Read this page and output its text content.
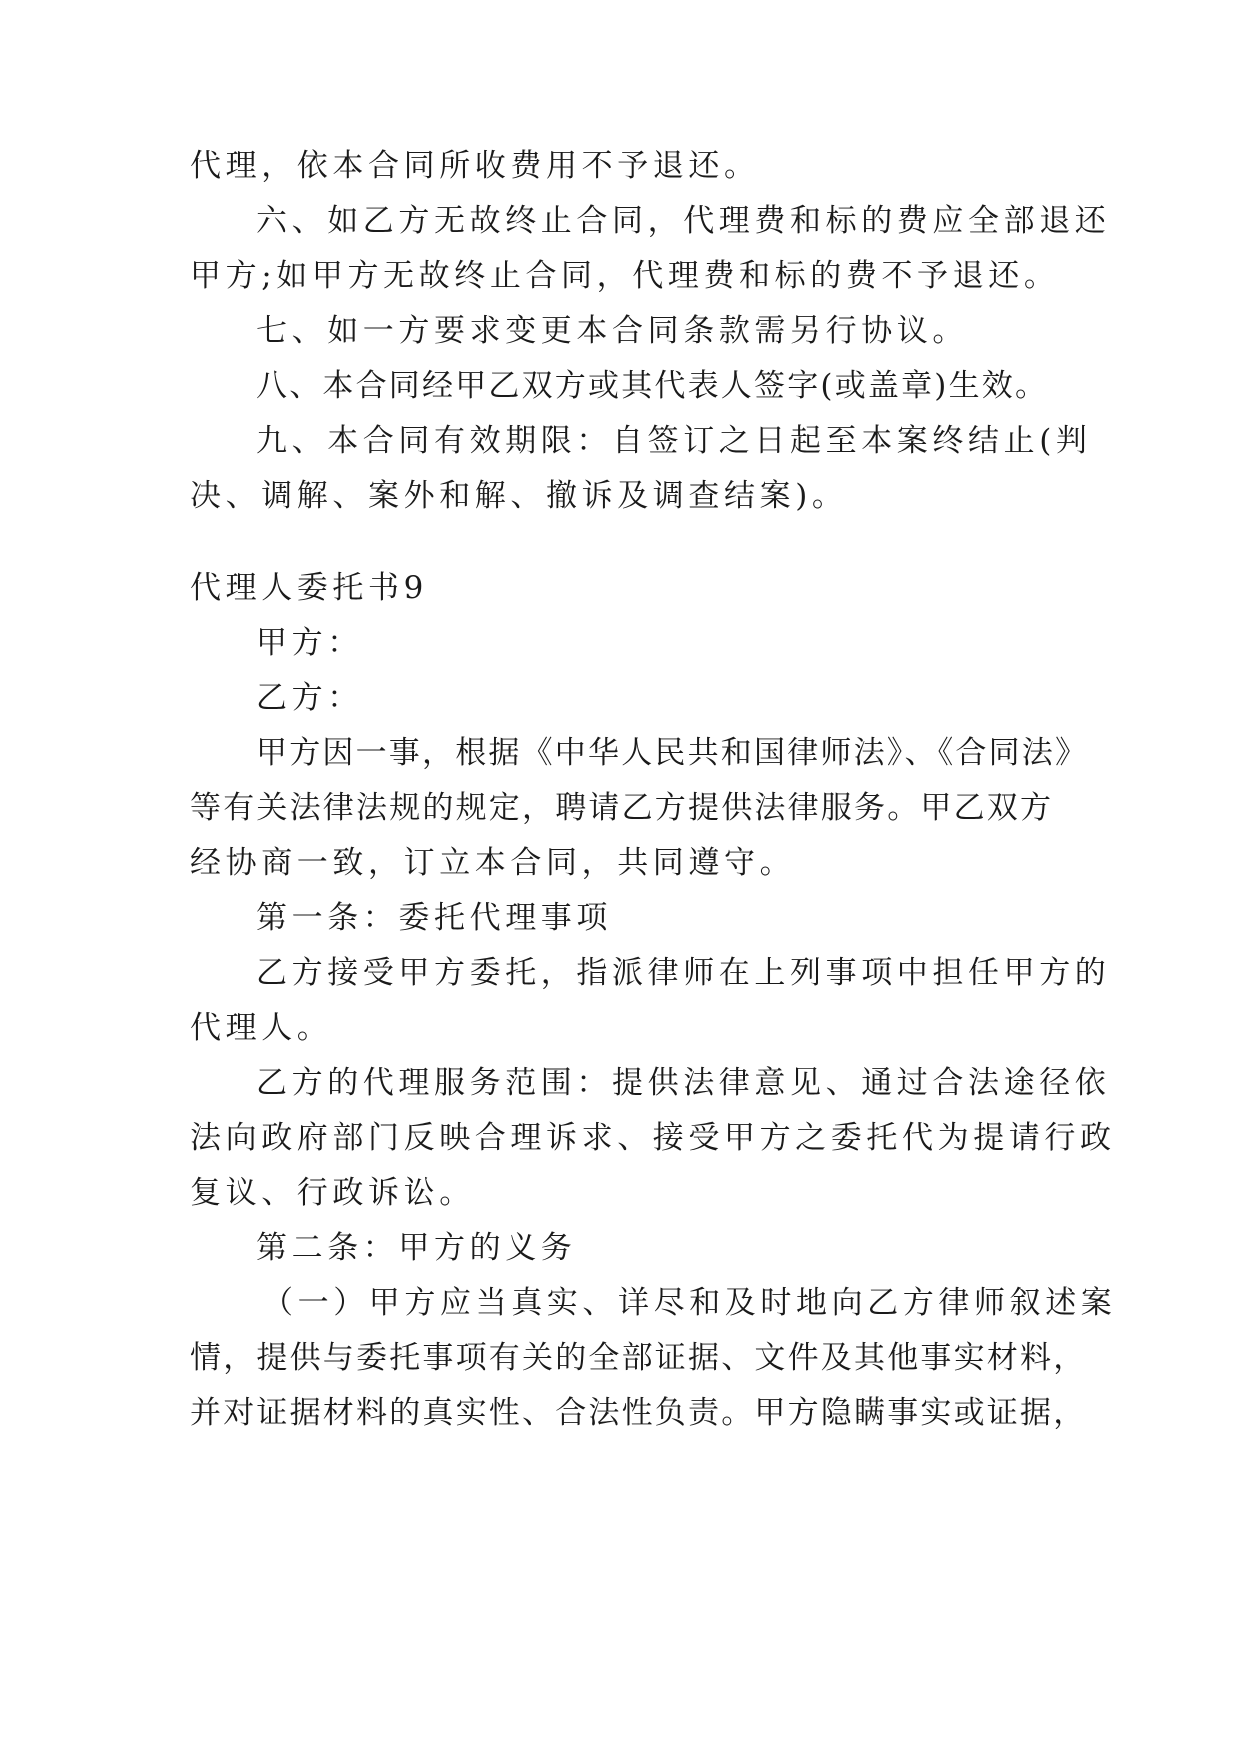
代理，依本合同所收费用不予退还。
六、如乙方无故终止合同，代理费和标的费应全部退还
甲方;如甲方无故终止合同，代理费和标的费不予退还。
七、如一方要求变更本合同条款需另行协议。
八、本合同经甲乙双方或其代表人签字(或盖章)生效。
九、本合同有效期限：自签订之日起至本案终结止(判
决、调解、案外和解、撤诉及调查结案)。
代理人委托书9
甲方：
乙方：
甲方因一事，根据《中华人民共和国律师法》、《合同法》
等有关法律法规的规定，聘请乙方提供法律服务。甲乙双方
经协商一致，订立本合同，共同遵守。
第一条：委托代理事项
乙方接受甲方委托，指派律师在上列事项中担任甲方的
代理人。
乙方的代理服务范围：提供法律意见、通过合法途径依
法向政府部门反映合理诉求、接受甲方之委托代为提请行政
复议、行政诉讼。
第二条：甲方的义务
（一）甲方应当真实、详尽和及时地向乙方律师叙述案
情，提供与委托事项有关的全部证据、文件及其他事实材料，
并对证据材料的真实性、合法性负责。甲方隐瞒事实或证据，
